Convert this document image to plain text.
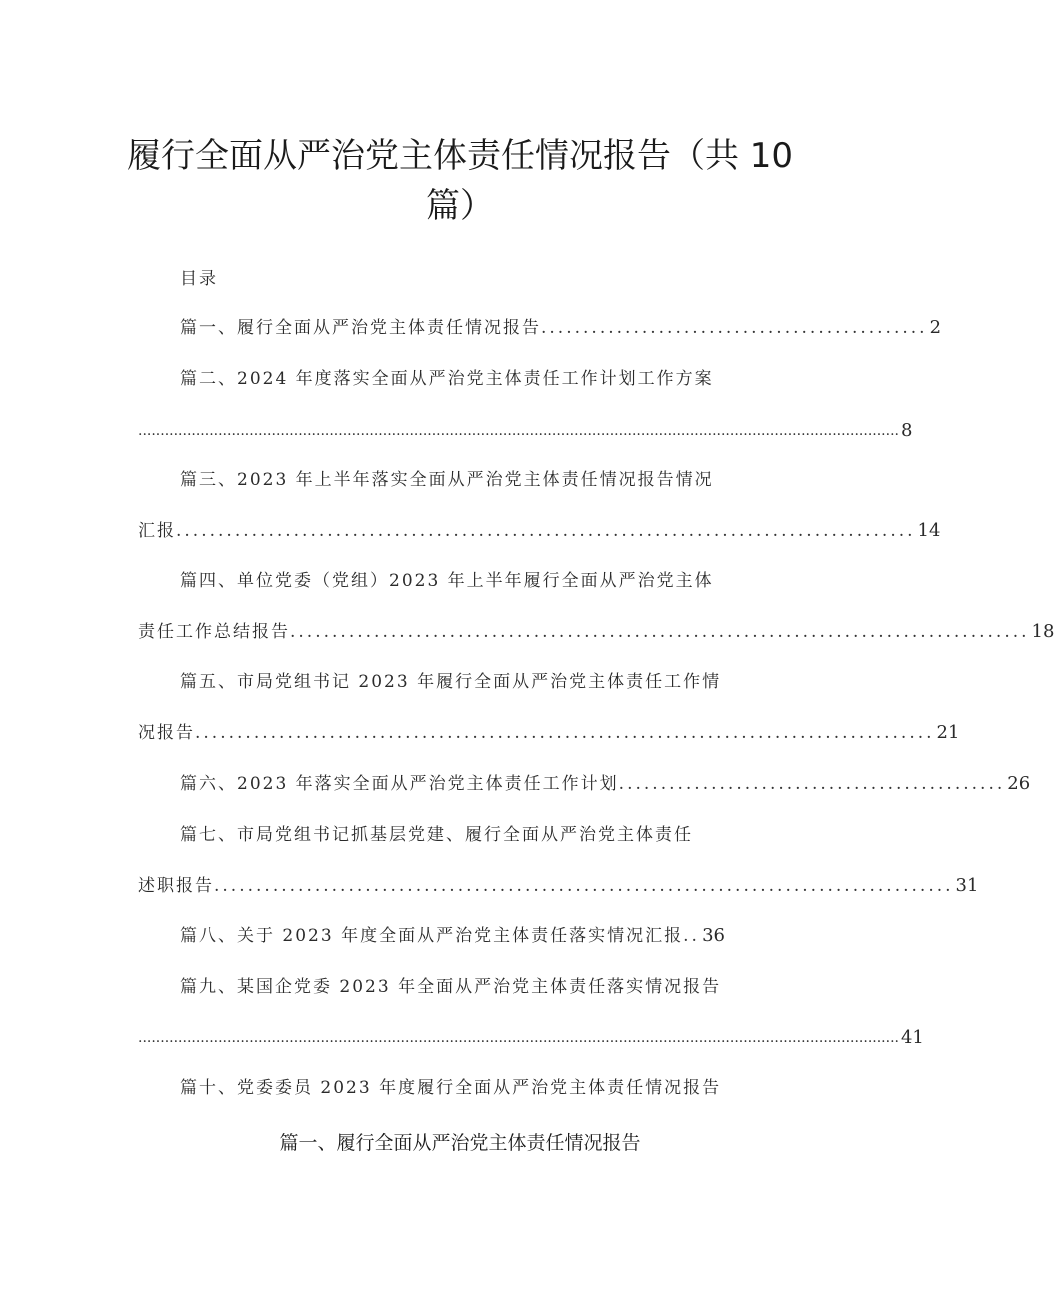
履行全面从严治党主体责任情况报告（共 10
篇）
目录
篇一、履行全面从严治党主体责任情况报告 .............................................. 2
篇二、2024 年度落实全面从严治党主体责任工作计划工作方案
........................................................................................................................................................................... 8
篇三、2023 年上半年落实全面从严治党主体责任情况报告情况
汇报 ........................................................................................ 14
篇四、单位党委（党组）2023 年上半年履行全面从严治党主体
责任工作总结报告 ........................................................................................ 18
篇五、市局党组书记 2023 年履行全面从严治党主体责任工作情
况报告 ........................................................................................ 21
篇六、2023 年落实全面从严治党主体责任工作计划 .............................................. 26
篇七、市局党组书记抓基层党建、履行全面从严治党主体责任
述职报告 ........................................................................................ 31
篇八、关于 2023 年度全面从严治党主体责任落实情况汇报 .. 36
篇九、某国企党委 2023 年全面从严治党主体责任落实情况报告
........................................................................................................................................................................... 41
篇十、党委委员 2023 年度履行全面从严治党主体责任情况报告
篇一、履行全面从严治党主体责任情况报告
